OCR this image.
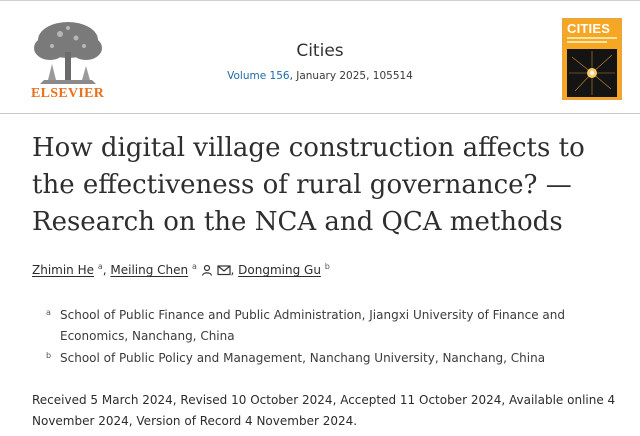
ELSEVIER
Cities
Volume 156, January 2025, 105514
CITIES
How digital village construction affects to the effectiveness of rural governance? — Research on the NCA and QCA methods
Zhimin He $^a$, Meiling Chen $^a$	, Dongming Gu $^b$
a School of Public Finance and Public Administration, Jiangxi University of Finance and Economics, Nanchang, China
b School of Public Policy and Management, Nanchang University, Nanchang, China
Received 5 March 2024, Revised 10 October 2024, Accepted 11 October 2024, Available online 4 November 2024, Version of Record 4 November 2024.
